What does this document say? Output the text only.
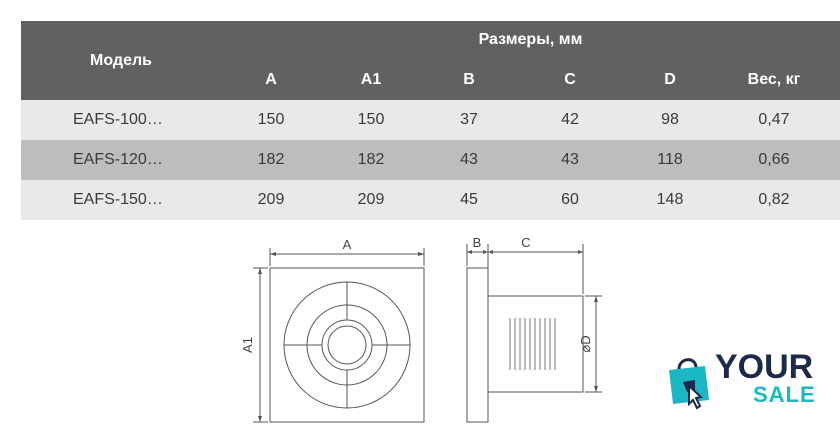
Модель
Размеры, мм
A	A1	B	C	D	Вес, кг
EAFS-100…	150	150	37	42	98	0,47
EAFS-120…	182	182	43	43	118	0,66
EAFS-150…	209	209	45	60	148	0,82
A
A1
B	C
⌀D
YOUR
SALE
